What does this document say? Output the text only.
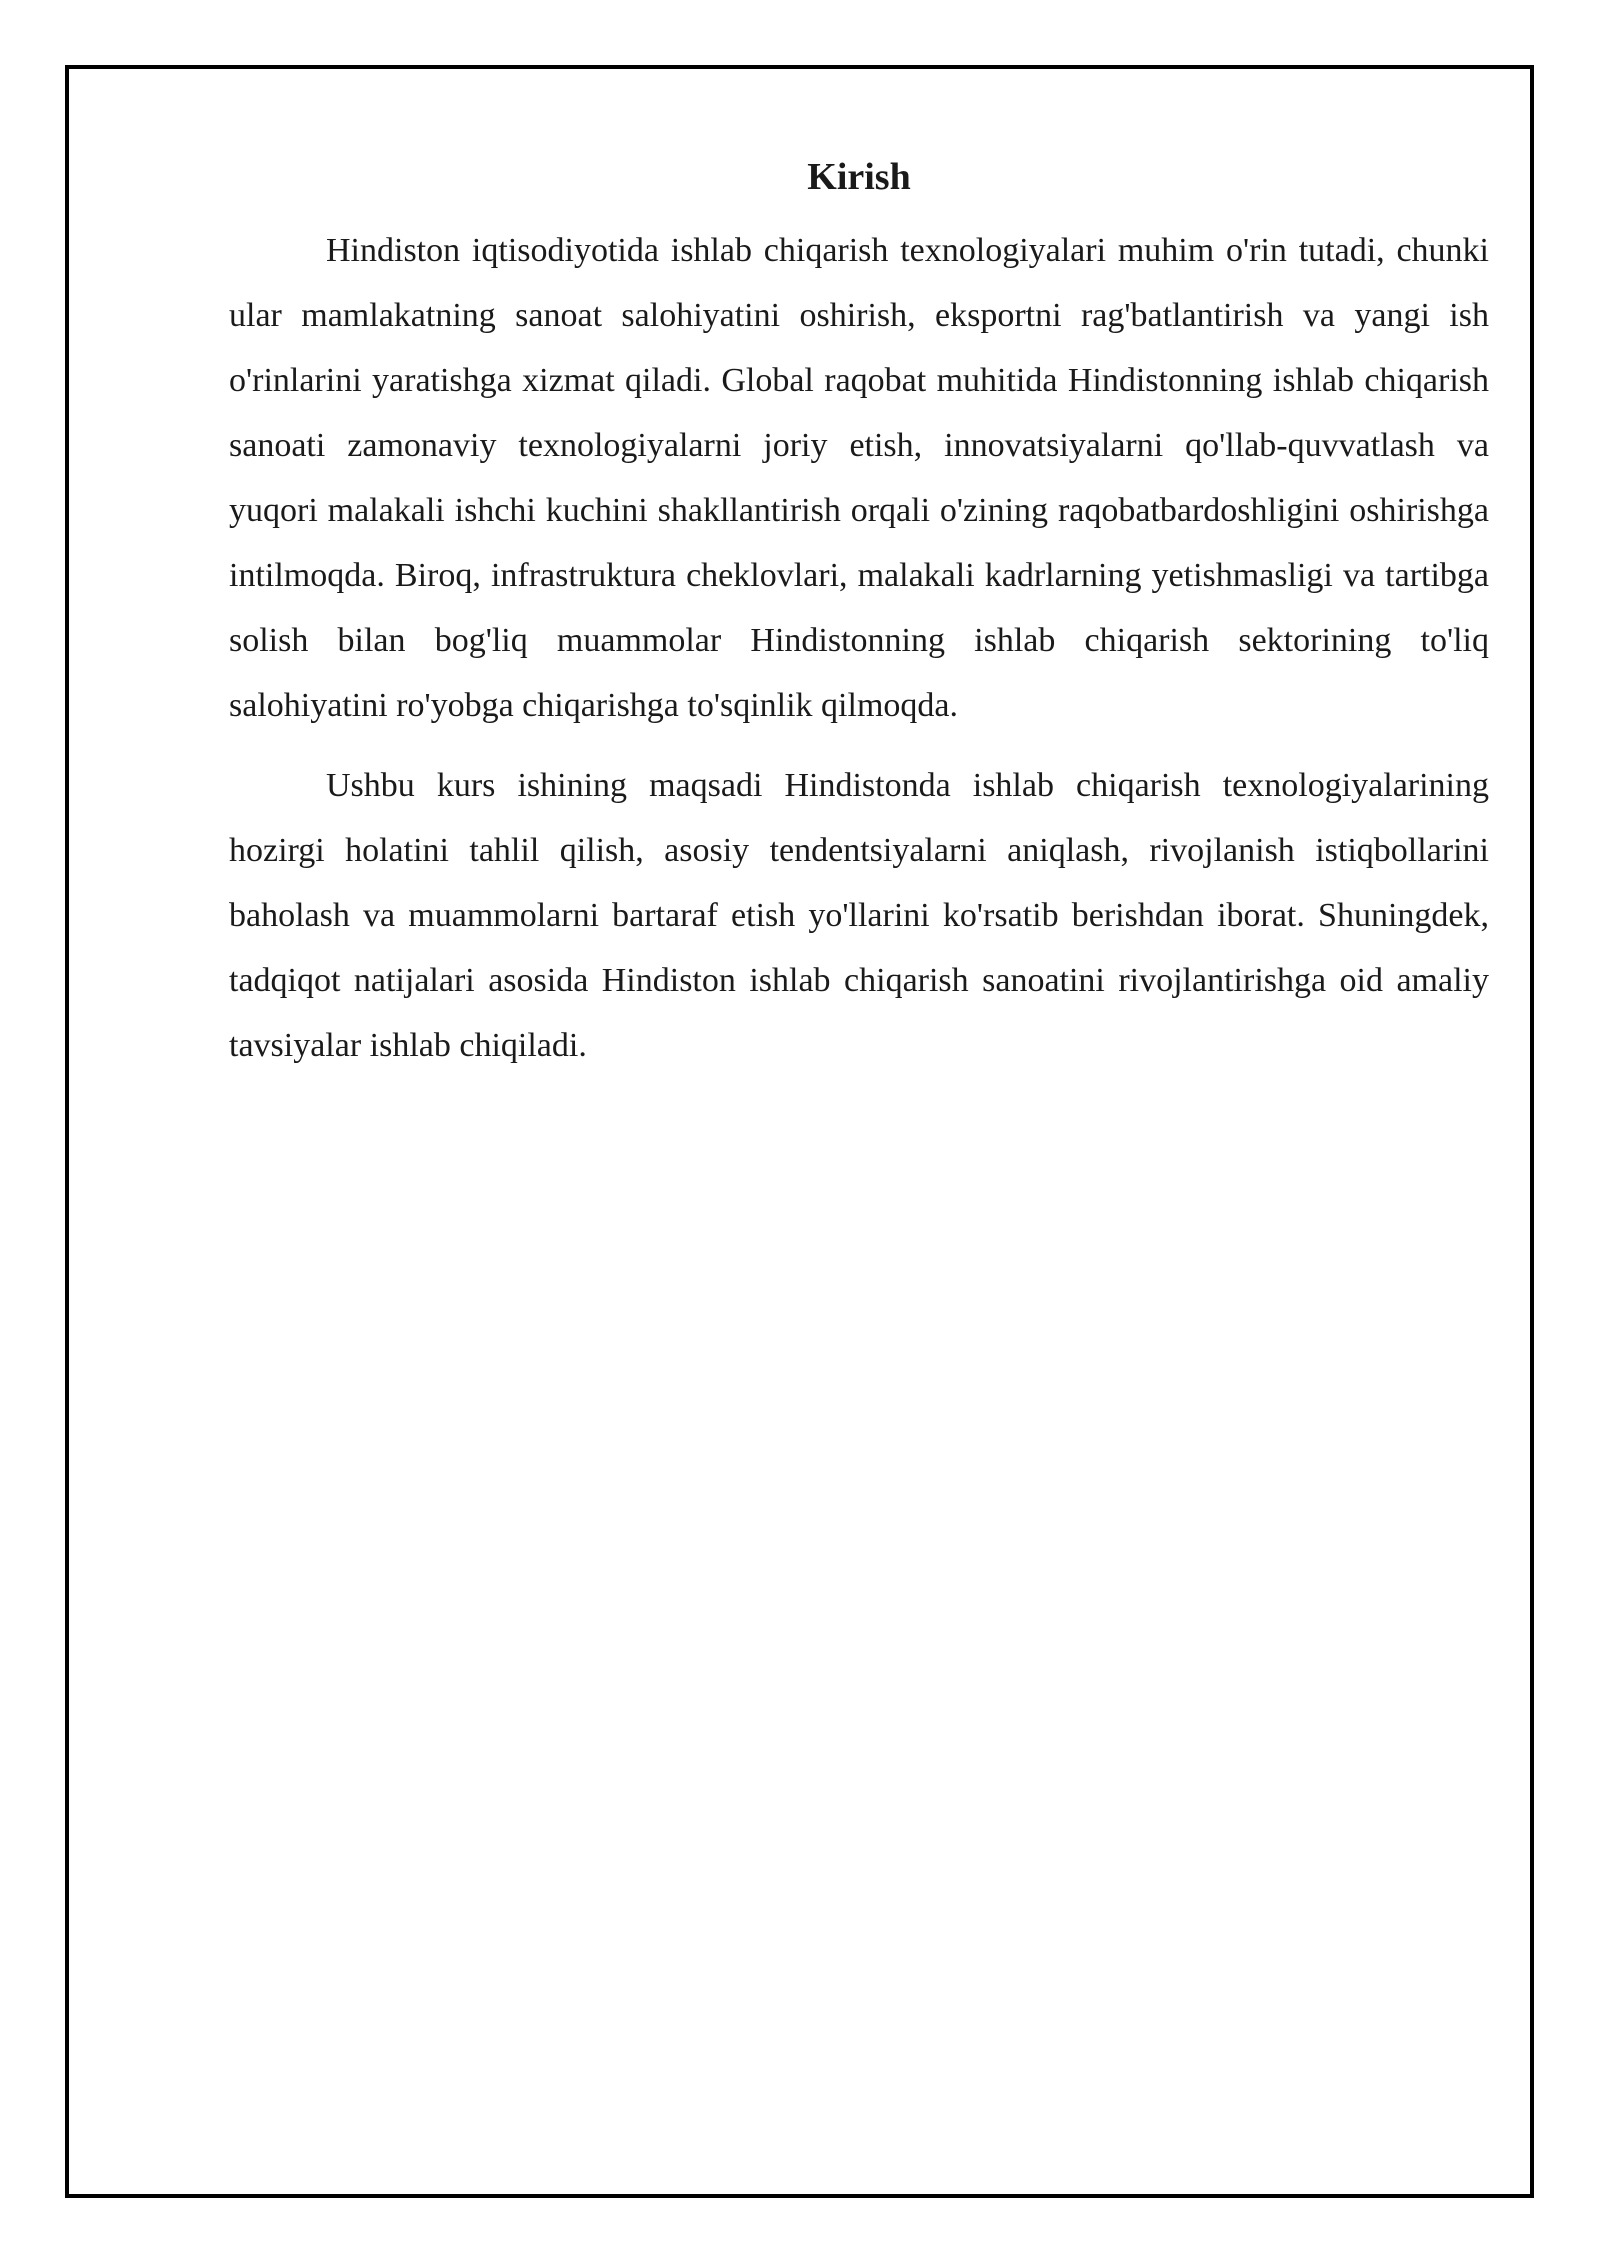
Kirish

Hindiston iqtisodiyotida ishlab chiqarish texnologiyalari muhim o'rin tutadi, chunki ular mamlakatning sanoat salohiyatini oshirish, eksportni rag'batlantirish va yangi ish o'rinlarini yaratishga xizmat qiladi. Global raqobat muhitida Hindistonning ishlab chiqarish sanoati zamonaviy texnologiyalarni joriy etish, innovatsiyalarni qo'llab-quvvatlash va yuqori malakali ishchi kuchini shakllantirish orqali o'zining raqobatbardoshligini oshirishga intilmoqda. Biroq, infrastruktura cheklovlari, malakali kadrlarning yetishmasligi va tartibga solish bilan bog'liq muammolar Hindistonning ishlab chiqarish sektorining to'liq salohiyatini ro'yobga chiqarishga to'sqinlik qilmoqda.

Ushbu kurs ishining maqsadi Hindistonda ishlab chiqarish texnologiyalarining hozirgi holatini tahlil qilish, asosiy tendentsiyalarni aniqlash, rivojlanish istiqbollarini baholash va muammolarni bartaraf etish yo'llarini ko'rsatib berishdan iborat. Shuningdek, tadqiqot natijalari asosida Hindiston ishlab chiqarish sanoatini rivojlantirishga oid amaliy tavsiyalar ishlab chiqiladi.
